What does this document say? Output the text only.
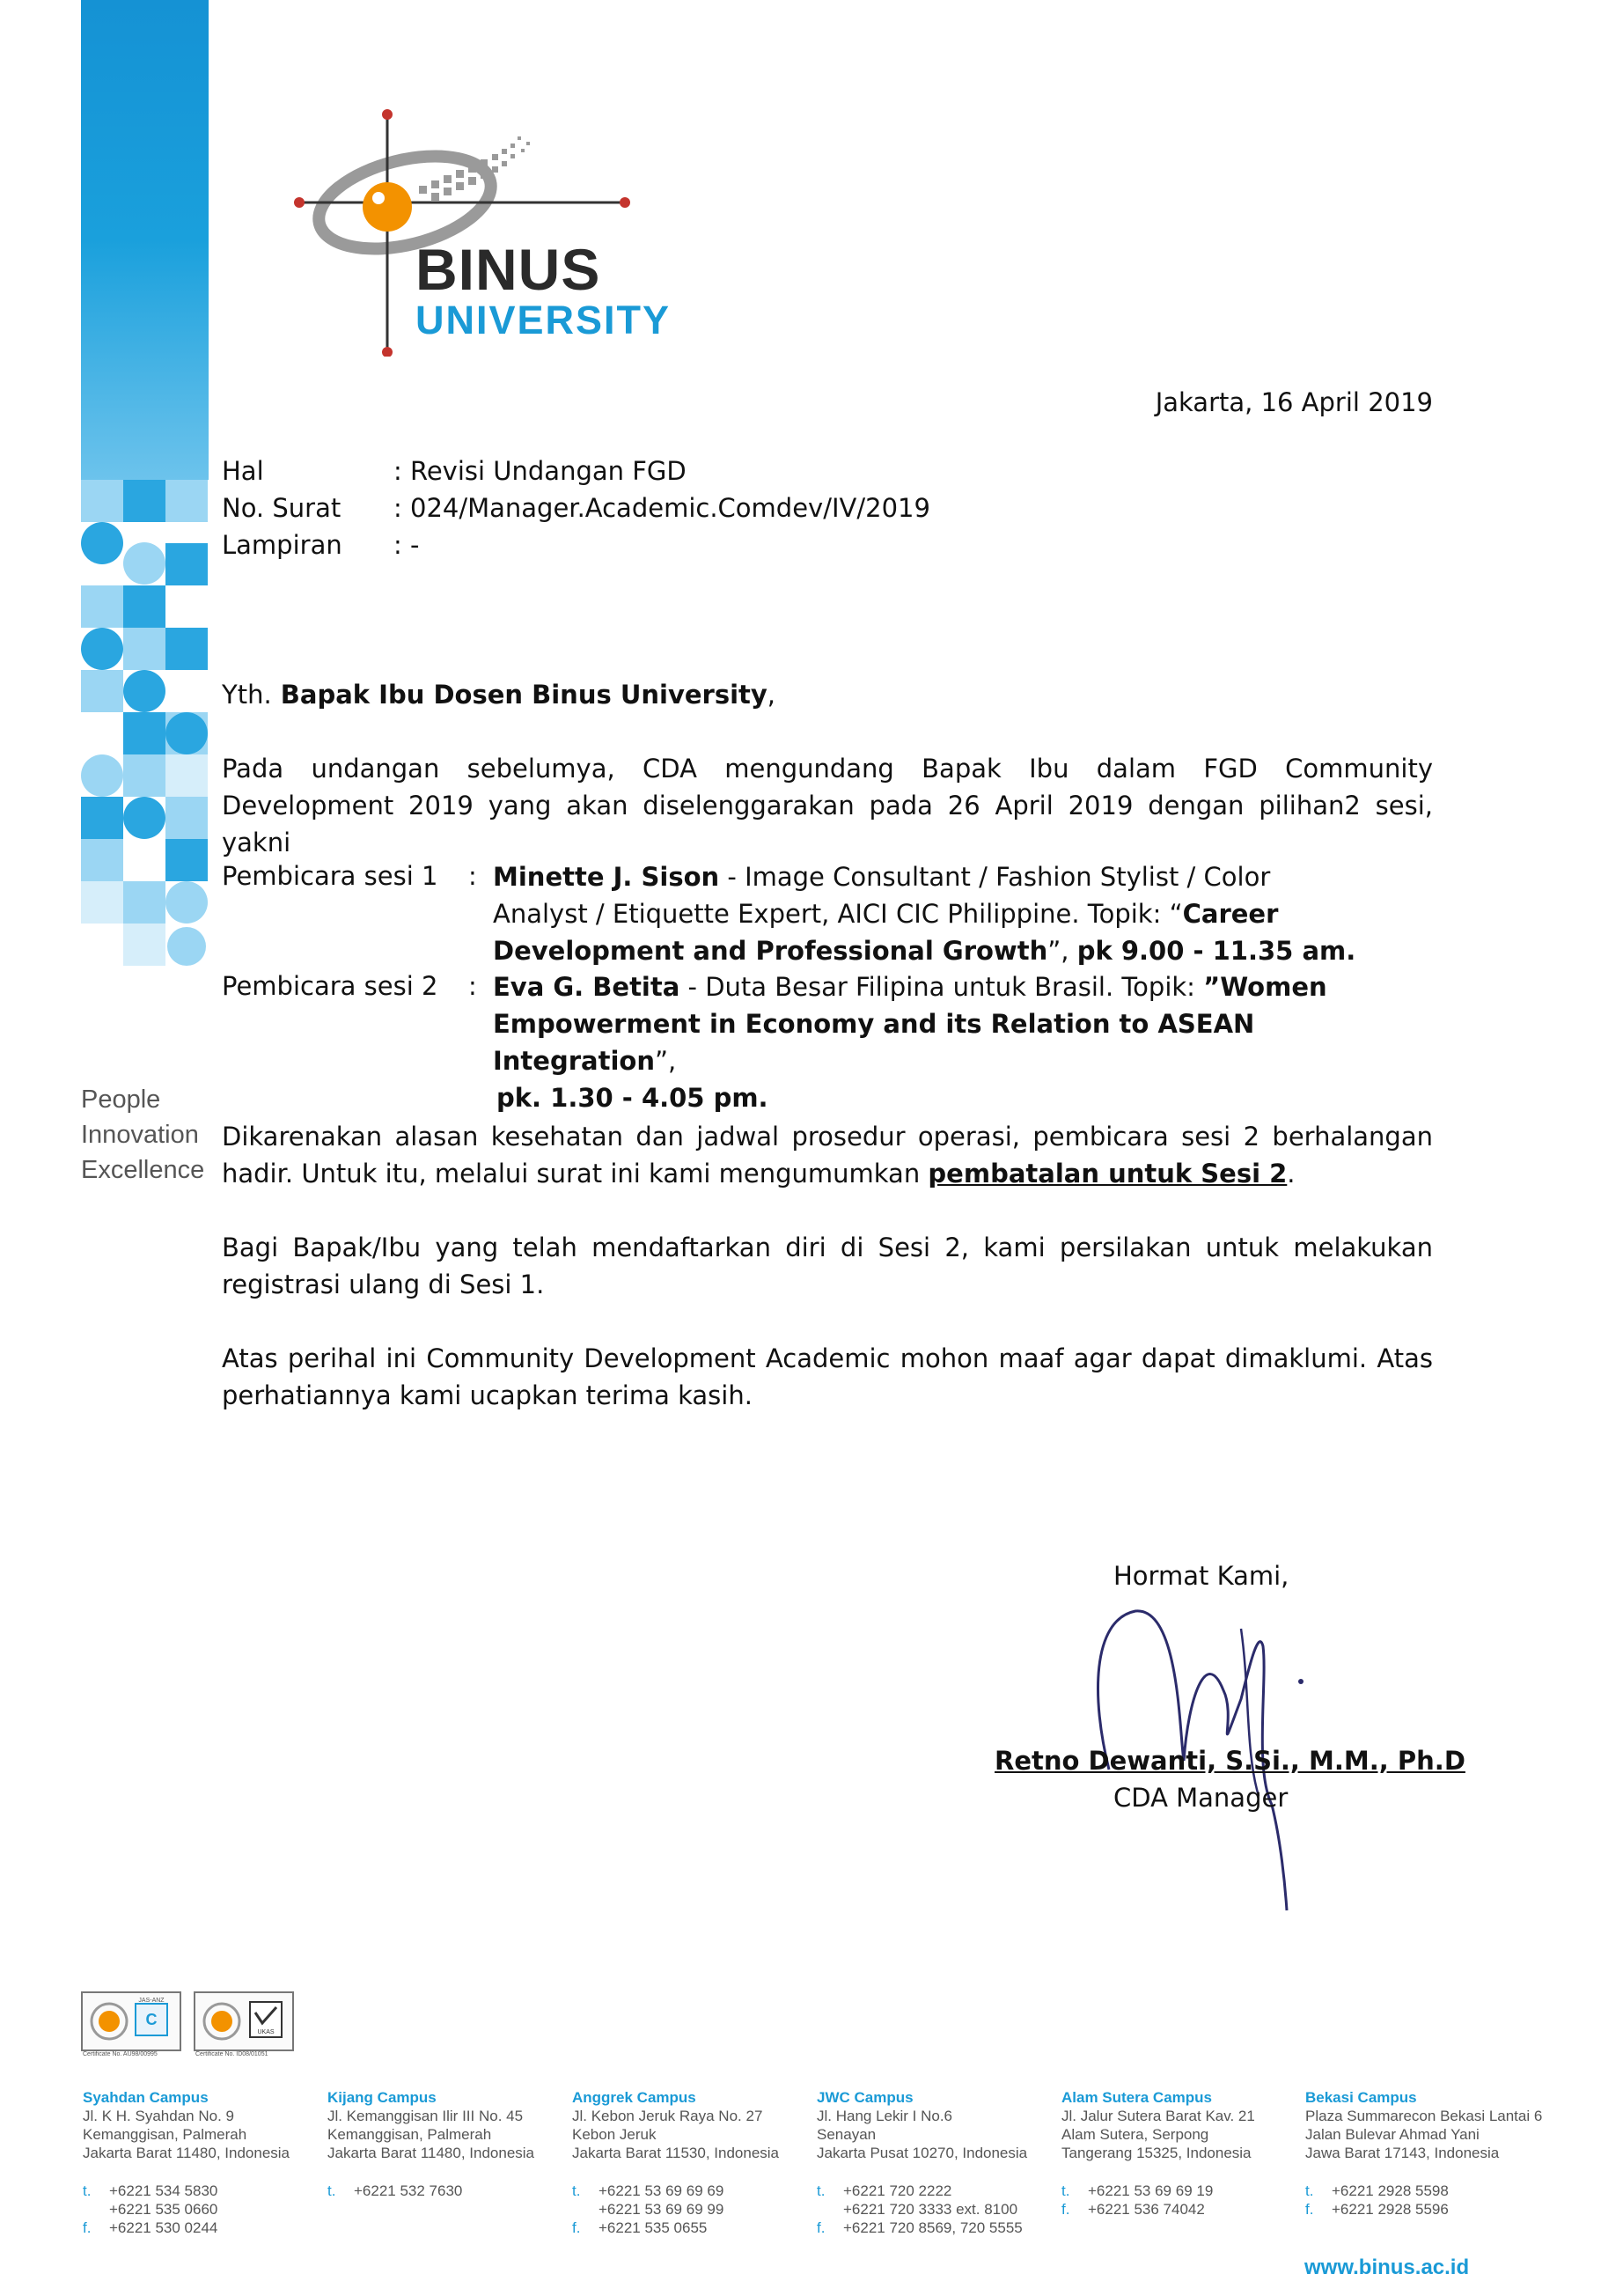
BINUS
UNIVERSITY
Jakarta, 16 April 2019
Hal	: Revisi Undangan FGD
No. Surat : 024/Manager.Academic.Comdev/IV/2019
Lampiran : -
Yth. Bapak Ibu Dosen Binus University,
Pada undangan sebelumya, CDA mengundang Bapak Ibu dalam FGD Community Development 2019 yang akan diselenggarakan pada 26 April 2019 dengan pilihan2 sesi, yakni
Pembicara sesi 1 : Minette J. Sison - Image Consultant / Fashion Stylist / Color Analyst / Etiquette Expert, AICI CIC Philippine. Topik: “Career Development and Professional Growth”, pk 9.00 - 11.35 am.
Pembicara sesi 2 : Eva G. Betita - Duta Besar Filipina untuk Brasil. Topik: ”Women Empowerment in Economy and its Relation to ASEAN Integration”,
pk. 1.30 - 4.05 pm.
People
Innovation
Excellence
Dikarenakan alasan kesehatan dan jadwal prosedur operasi, pembicara sesi 2 berhalangan hadir. Untuk itu, melalui surat ini kami mengumumkan pembatalan untuk Sesi 2.
Bagi Bapak/Ibu yang telah mendaftarkan diri di Sesi 2, kami persilakan untuk melakukan registrasi ulang di Sesi 1.
Atas perihal ini Community Development Academic mohon maaf agar dapat dimaklumi. Atas perhatiannya kami ucapkan terima kasih.
Hormat Kami,
Retno Dewanti, S.Si., M.M., Ph.D
CDA Manager
C
JAS-ANZ
Certificate No. AU98/00995
UKAS
Certificate No. ID08/01051
Syahdan Campus
Jl. K H. Syahdan No. 9
Kemanggisan, Palmerah
Jakarta Barat 11480, Indonesia
t. +6221 534 5830
+6221 535 0660
f. +6221 530 0244
Kijang Campus
Jl. Kemanggisan Ilir III No. 45
Kemanggisan, Palmerah
Jakarta Barat 11480, Indonesia
t. +6221 532 7630
Anggrek Campus
Jl. Kebon Jeruk Raya No. 27
Kebon Jeruk
Jakarta Barat 11530, Indonesia
t. +6221 53 69 69 69
+6221 53 69 69 99
f. +6221 535 0655
JWC Campus
Jl. Hang Lekir I No.6
Senayan
Jakarta Pusat 10270, Indonesia
t. +6221 720 2222
+6221 720 3333 ext. 8100
f. +6221 720 8569, 720 5555
Alam Sutera Campus
Jl. Jalur Sutera Barat Kav. 21
Alam Sutera, Serpong
Tangerang 15325, Indonesia
t. +6221 53 69 69 19
f. +6221 536 74042
Bekasi Campus
Plaza Summarecon Bekasi Lantai 6
Jalan Bulevar Ahmad Yani
Jawa Barat 17143, Indonesia
t. +6221 2928 5598
f. +6221 2928 5596
www.binus.ac.id
